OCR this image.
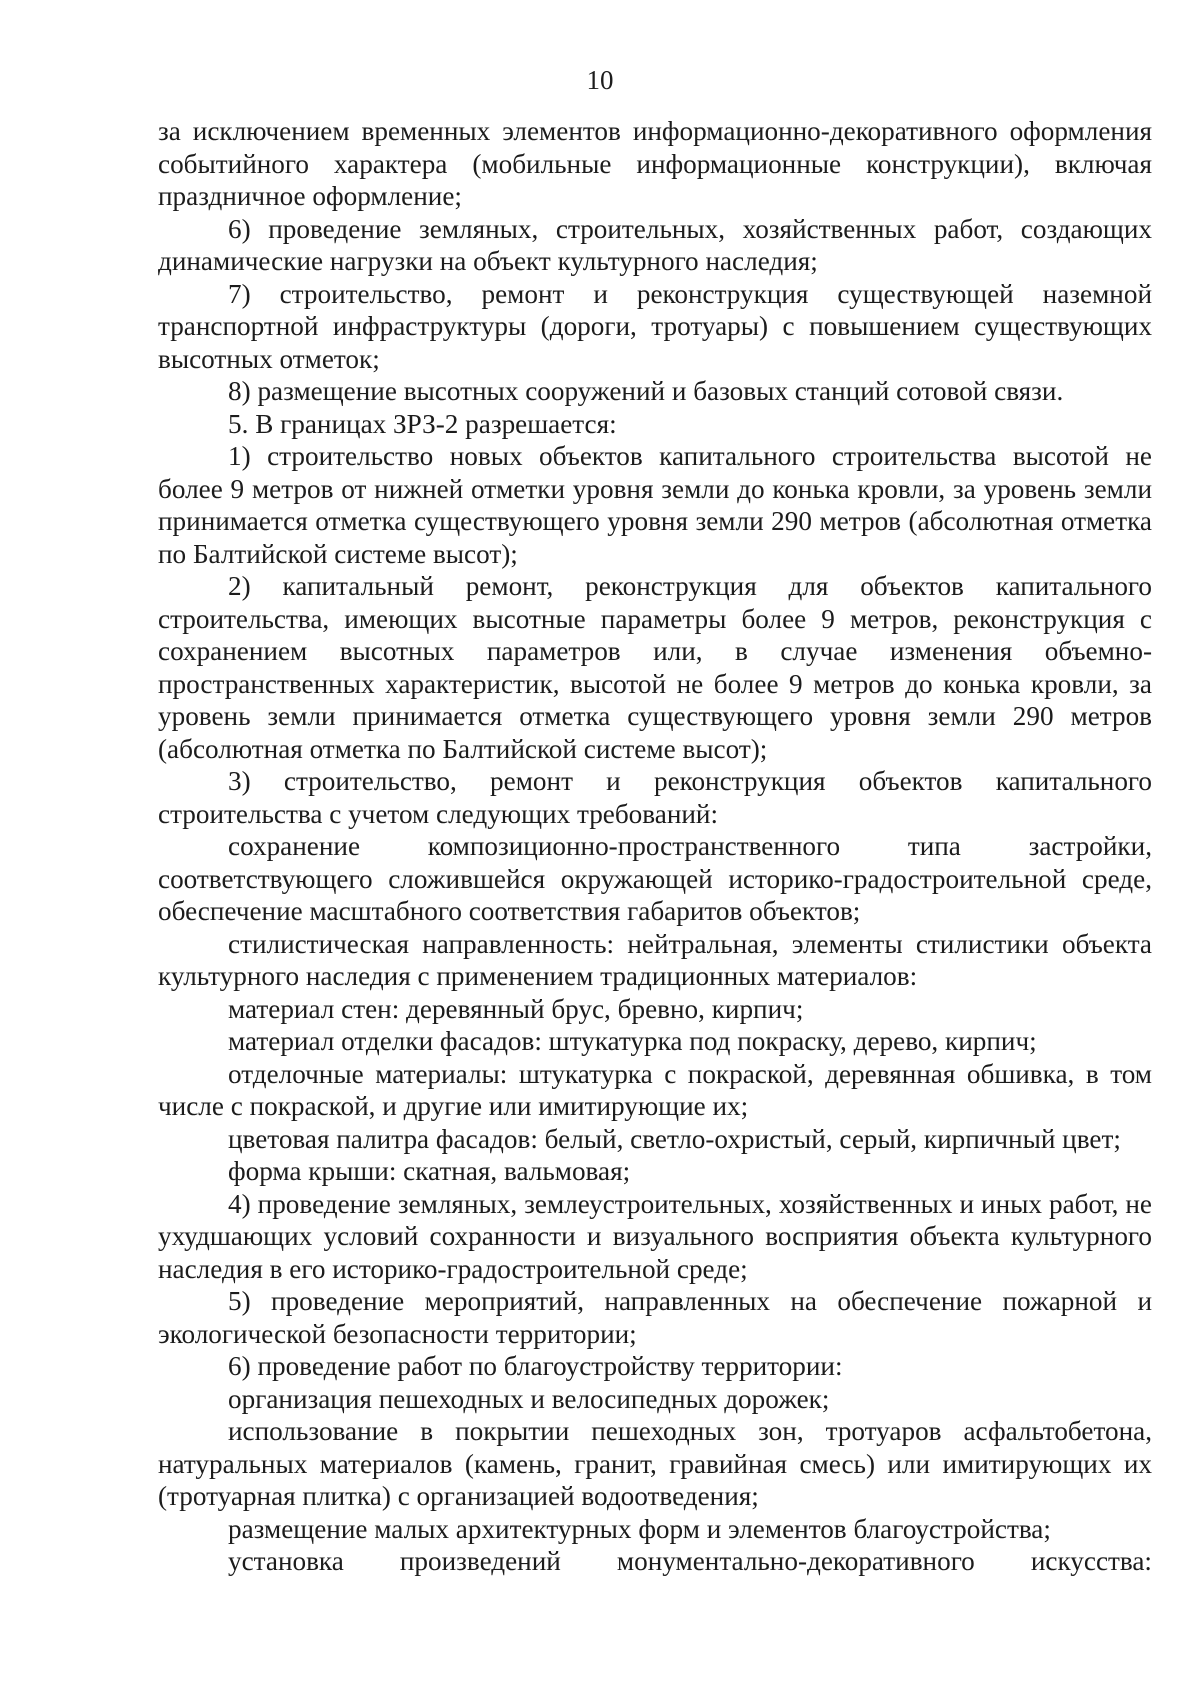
10

за исключением временных элементов информационно-декоративного оформления событийного характера (мобильные информационные конструкции), включая праздничное оформление;

6) проведение земляных, строительных, хозяйственных работ, создающих динамические нагрузки на объект культурного наследия;

7) строительство, ремонт и реконструкция существующей наземной транспортной инфраструктуры (дороги, тротуары) с повышением существующих высотных отметок;

8) размещение высотных сооружений и базовых станций сотовой связи.

5. В границах ЗРЗ-2 разрешается:

1) строительство новых объектов капитального строительства высотой не более 9 метров от нижней отметки уровня земли до конька кровли, за уровень земли принимается отметка существующего уровня земли 290 метров (абсолютная отметка по Балтийской системе высот);

2) капитальный ремонт, реконструкция для объектов капитального строительства, имеющих высотные параметры более 9 метров, реконструкция с сохранением высотных параметров или, в случае изменения объемно-пространственных характеристик, высотой не более 9 метров до конька кровли, за уровень земли принимается отметка существующего уровня земли 290 метров (абсолютная отметка по Балтийской системе высот);

3) строительство, ремонт и реконструкция объектов капитального строительства с учетом следующих требований:

сохранение композиционно-пространственного типа застройки, соответствующего сложившейся окружающей историко-градостроительной среде, обеспечение масштабного соответствия габаритов объектов;

стилистическая направленность: нейтральная, элементы стилистики объекта культурного наследия с применением традиционных материалов:

материал стен: деревянный брус, бревно, кирпич;

материал отделки фасадов: штукатурка под покраску, дерево, кирпич;

отделочные материалы: штукатурка с покраской, деревянная обшивка, в том числе с покраской, и другие или имитирующие их;

цветовая палитра фасадов: белый, светло-охристый, серый, кирпичный цвет;

форма крыши: скатная, вальмовая;

4) проведение земляных, землеустроительных, хозяйственных и иных работ, не ухудшающих условий сохранности и визуального восприятия объекта культурного наследия в его историко-градостроительной среде;

5) проведение мероприятий, направленных на обеспечение пожарной и экологической безопасности территории;

6) проведение работ по благоустройству территории:

организация пешеходных и велосипедных дорожек;

использование в покрытии пешеходных зон, тротуаров асфальтобетона, натуральных материалов (камень, гранит, гравийная смесь) или имитирующих их (тротуарная плитка) с организацией водоотведения;

размещение малых архитектурных форм и элементов благоустройства;

установка произведений монументально-декоративного искусства:
